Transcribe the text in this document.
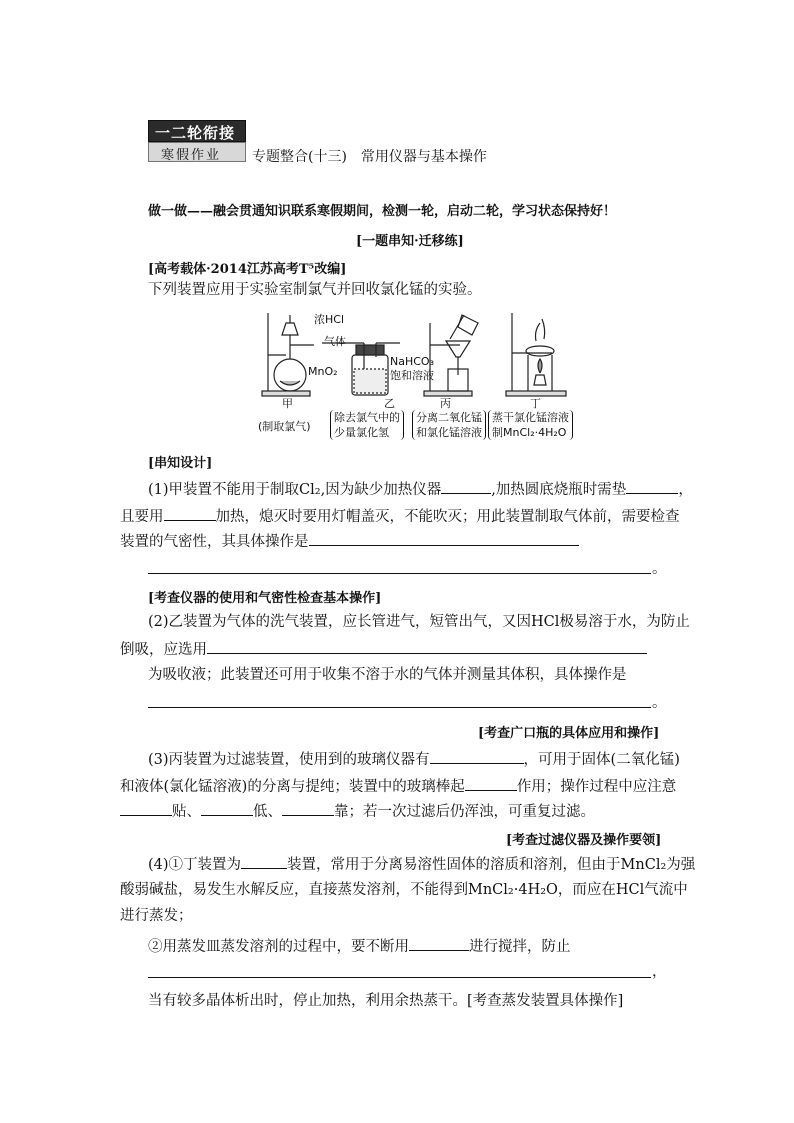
一二轮衔接
寒假作业 专题整合(十三)　常用仪器与基本操作
做一做——融会贯通知识联系寒假期间，检测一轮，启动二轮，学习状态保持好！
[一题串知·迁移练]
[高考载体·2014江苏高考T⁵改编]
下列装置应用于实验室制氯气并回收氯化锰的实验。
浓HCl
MnO₂
气体
NaHCO₃
饱和溶液
甲
(制取氯气)
乙
除去氯气中的
少量氯化氢
丙
分离二氧化锰
和氯化锰溶液
丁
蒸干氯化锰溶液
制MnCl₂·4H₂O
[串知设计]
(1)甲装置不能用于制取Cl₂,因为缺少加热仪器	,加热圆底烧瓶时需垫	，
且要用	加热，熄灭时要用灯帽盖灭，不能吹灭；用此装置制取气体前，需要检查
装置的气密性，其具体操作是
。
[考查仪器的使用和气密性检查基本操作]
(2)乙装置为气体的洗气装置，应长管进气，短管出气，又因HCl极易溶于水，为防止
倒吸，应选用
为吸收液；此装置还可用于收集不溶于水的气体并测量其体积，具体操作是
。
[考查广口瓶的具体应用和操作]
(3)丙装置为过滤装置，使用到的玻璃仪器有	，可用于固体(二氧化锰)
和液体(氯化锰溶液)的分离与提纯；装置中的玻璃棒起	作用；操作过程中应注意
贴、	低、	靠；若一次过滤后仍浑浊，可重复过滤。
[考查过滤仪器及操作要领]
(4)①丁装置为	装置，常用于分离易溶性固体的溶质和溶剂，但由于MnCl₂为强
酸弱碱盐，易发生水解反应，直接蒸发溶剂，不能得到MnCl₂·4H₂O，而应在HCl气流中
进行蒸发；
②用蒸发皿蒸发溶剂的过程中，要不断用	进行搅拌，防止
，
当有较多晶体析出时，停止加热，利用余热蒸干。[考查蒸发装置具体操作]
